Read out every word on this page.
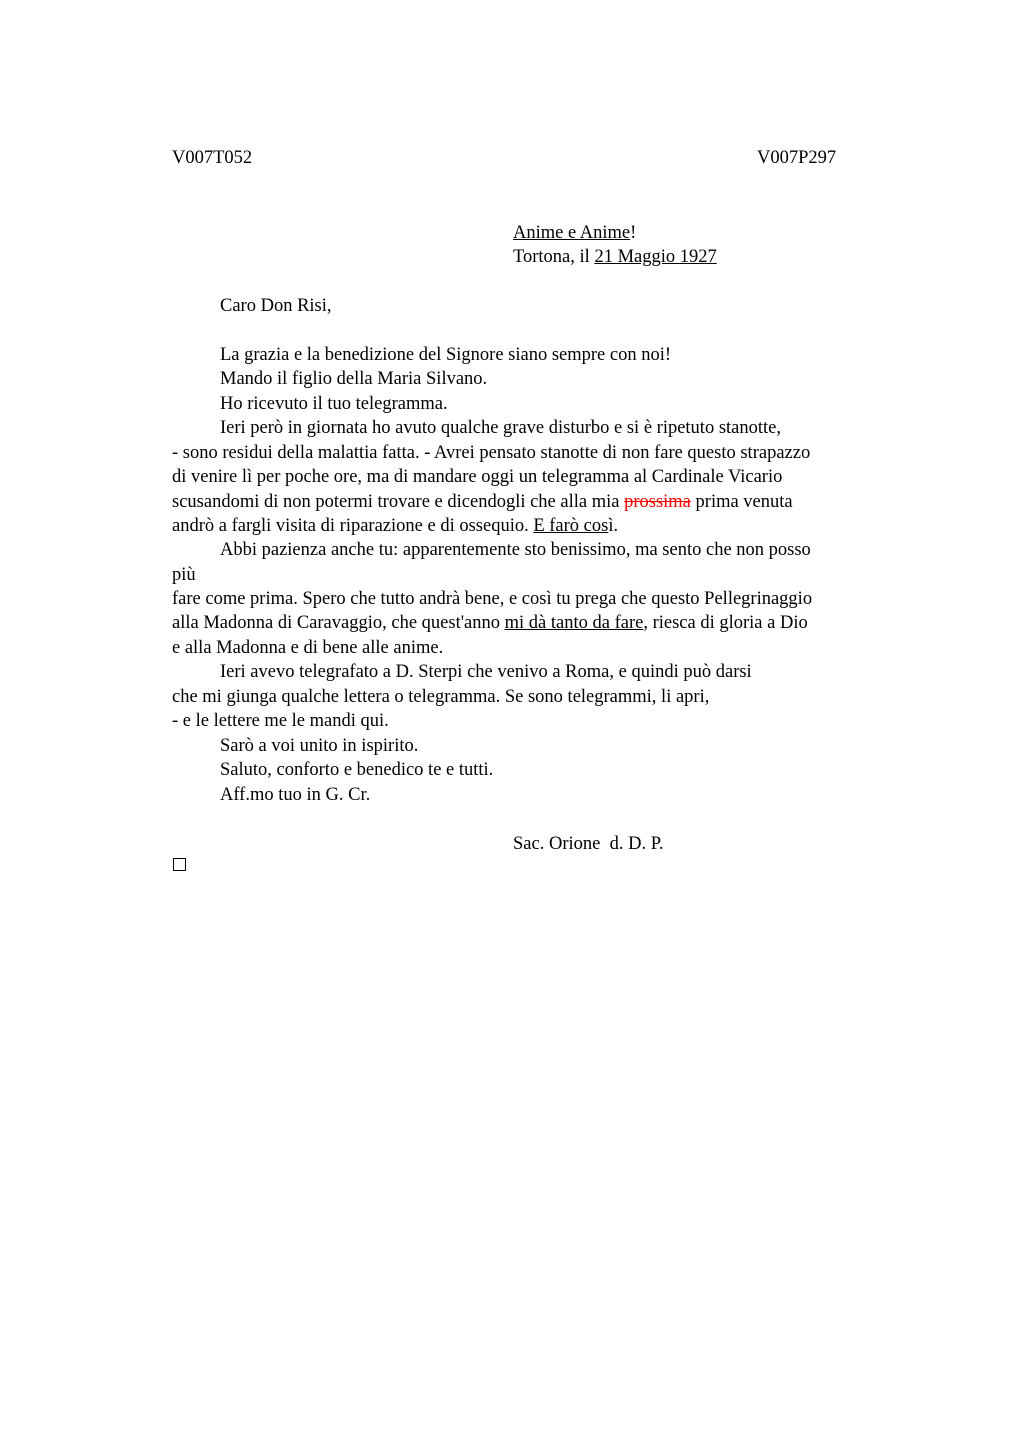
V007T052	V007P297
Anime e Anime!
Tortona, il 21 Maggio 1927
Caro Don Risi,
La grazia e la benedizione del Signore siano sempre con noi!
Mando il figlio della Maria Silvano.
Ho ricevuto il tuo telegramma.
Ieri però in giornata ho avuto qualche grave disturbo e si è ripetuto stanotte,
- sono residui della malattia fatta. - Avrei pensato stanotte di non fare questo strapazzo
di venire lì per poche ore, ma di mandare oggi un telegramma al Cardinale Vicario
scusandomi di non potermi trovare e dicendogli che alla mia prossima prima venuta
andrò a fargli visita di riparazione e di ossequio. E farò così.
Abbi pazienza anche tu: apparentemente sto benissimo, ma sento che non posso
più
fare come prima. Spero che tutto andrà bene, e così tu prega che questo Pellegrinaggio
alla Madonna di Caravaggio, che quest'anno mi dà tanto da fare, riesca di gloria a Dio
e alla Madonna e di bene alle anime.
Ieri avevo telegrafato a D. Sterpi che venivo a Roma, e quindi può darsi
che mi giunga qualche lettera o telegramma. Se sono telegrammi, li apri,
- e le lettere me le mandi qui.
Sarò a voi unito in ispirito.
Saluto, conforto e benedico te e tutti.
Aff.mo tuo in G. Cr.
Sac. Orione  d. D. P.
